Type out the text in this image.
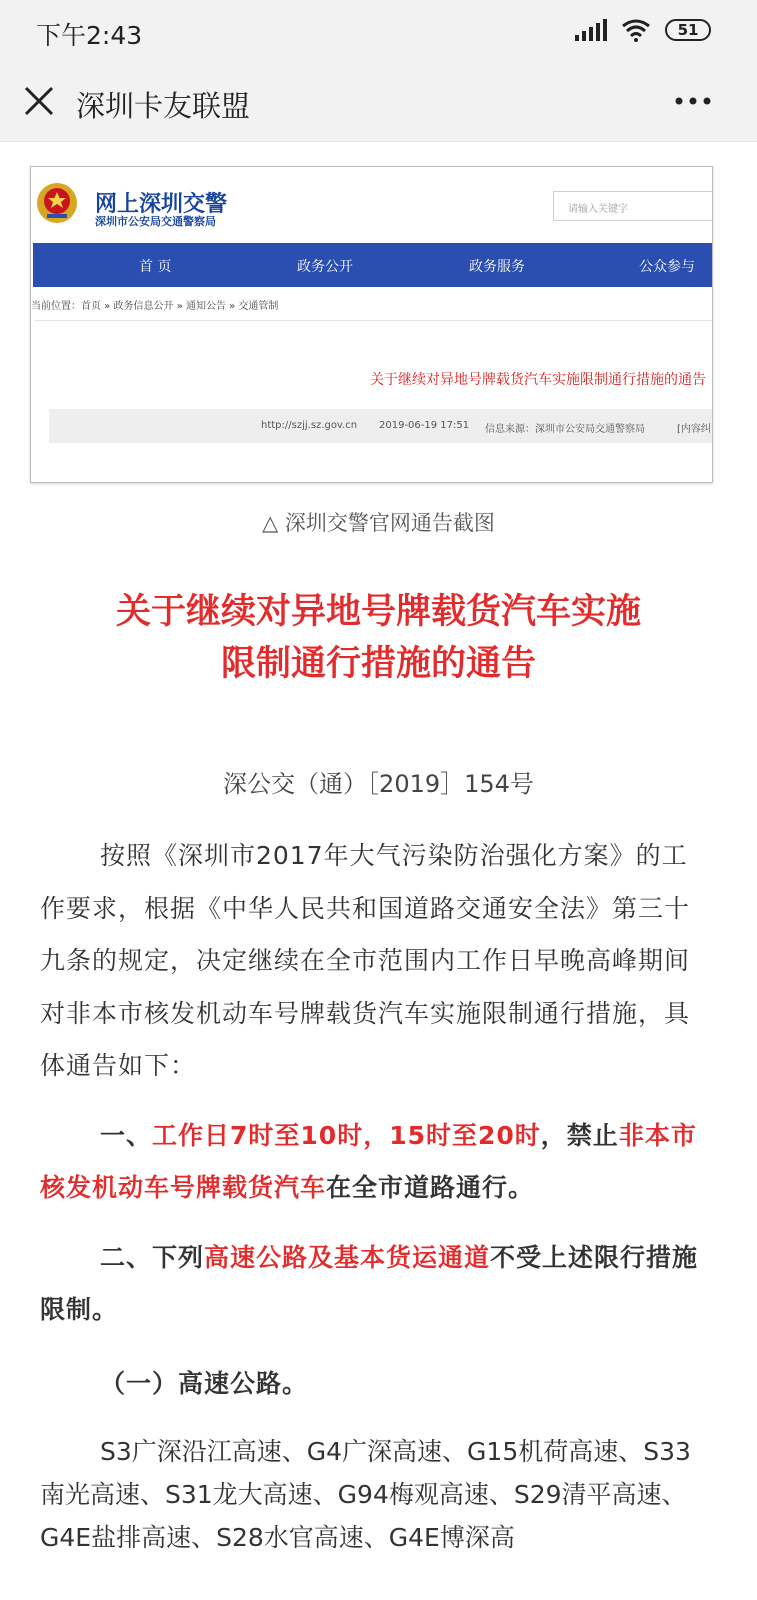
下午2:43	51
深圳卡友联盟
网上深圳交警
深圳市公安局交通警察局
请输入关键字
首 页	政务公开	政务服务	公众参与
当前位置：首页 » 政务信息公开 » 通知公告 » 交通管制
关于继续对异地号牌载货汽车实施限制通行措施的通告
http://szjj.sz.gov.cn 2019-06-19 17:51 信息来源：深圳市公安局交通警察局	[内容纠
△ 深圳交警官网通告截图
关于继续对异地号牌载货汽车实施
限制通行措施的通告
深公交（通）［2019］154号
按照《深圳市2017年大气污染防治强化方案》的工作要求，根据《中华人民共和国道路交通安全法》第三十九条的规定，决定继续在全市范围内工作日早晚高峰期间对非本市核发机动车号牌载货汽车实施限制通行措施，具体通告如下：
一、工作日7时至10时，15时至20时，禁止非本市核发机动车号牌载货汽车在全市道路通行。
二、下列高速公路及基本货运通道不受上述限行措施限制。
（一）高速公路。
S3广深沿江高速、G4广深高速、G15机荷高速、S33南光高速、S31龙大高速、G94梅观高速、S29清平高速、G4E盐排高速、S28水官高速、G4E博深高
